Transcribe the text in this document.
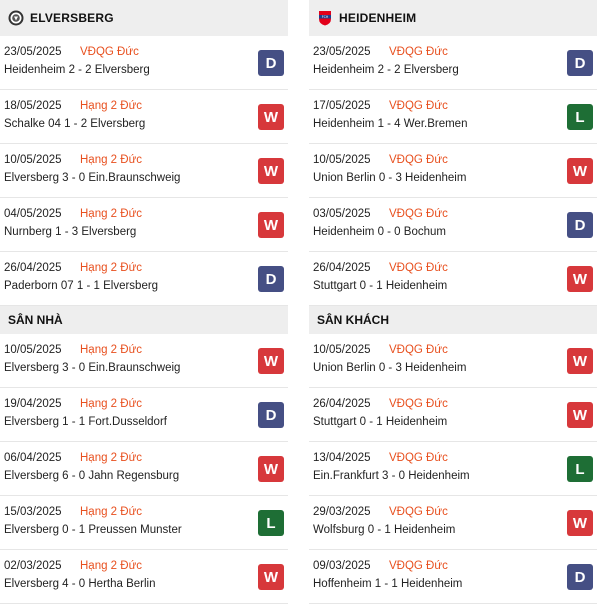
ELVERSBERG
23/05/2025 VĐQG Đức
Heidenheim 2 - 2 Elversberg	D
18/05/2025 Hạng 2 Đức
Schalke 04 1 - 2 Elversberg	W
10/05/2025 Hạng 2 Đức
Elversberg 3 - 0 Ein.Braunschweig	W
04/05/2025 Hạng 2 Đức
Nurnberg 1 - 3 Elversberg	W
26/04/2025 Hạng 2 Đức
Paderborn 07 1 - 1 Elversberg	D
SÂN NHÀ
10/05/2025 Hạng 2 Đức
Elversberg 3 - 0 Ein.Braunschweig	W
19/04/2025 Hạng 2 Đức
Elversberg 1 - 1 Fort.Dusseldorf	D
06/04/2025 Hạng 2 Đức
Elversberg 6 - 0 Jahn Regensburg	W
15/03/2025 Hạng 2 Đức
Elversberg 0 - 1 Preussen Munster	L
02/03/2025 Hạng 2 Đức
Elversberg 4 - 0 Hertha Berlin	W
FCH HEIDENHEIM
23/05/2025 VĐQG Đức
Heidenheim 2 - 2 Elversberg	D
17/05/2025 VĐQG Đức
Heidenheim 1 - 4 Wer.Bremen	L
10/05/2025 VĐQG Đức
Union Berlin 0 - 3 Heidenheim	W
03/05/2025 VĐQG Đức
Heidenheim 0 - 0 Bochum	D
26/04/2025 VĐQG Đức
Stuttgart 0 - 1 Heidenheim	W
SÂN KHÁCH
10/05/2025 VĐQG Đức
Union Berlin 0 - 3 Heidenheim	W
26/04/2025 VĐQG Đức
Stuttgart 0 - 1 Heidenheim	W
13/04/2025 VĐQG Đức
Ein.Frankfurt 3 - 0 Heidenheim	L
29/03/2025 VĐQG Đức
Wolfsburg 0 - 1 Heidenheim	W
09/03/2025 VĐQG Đức
Hoffenheim 1 - 1 Heidenheim	D
